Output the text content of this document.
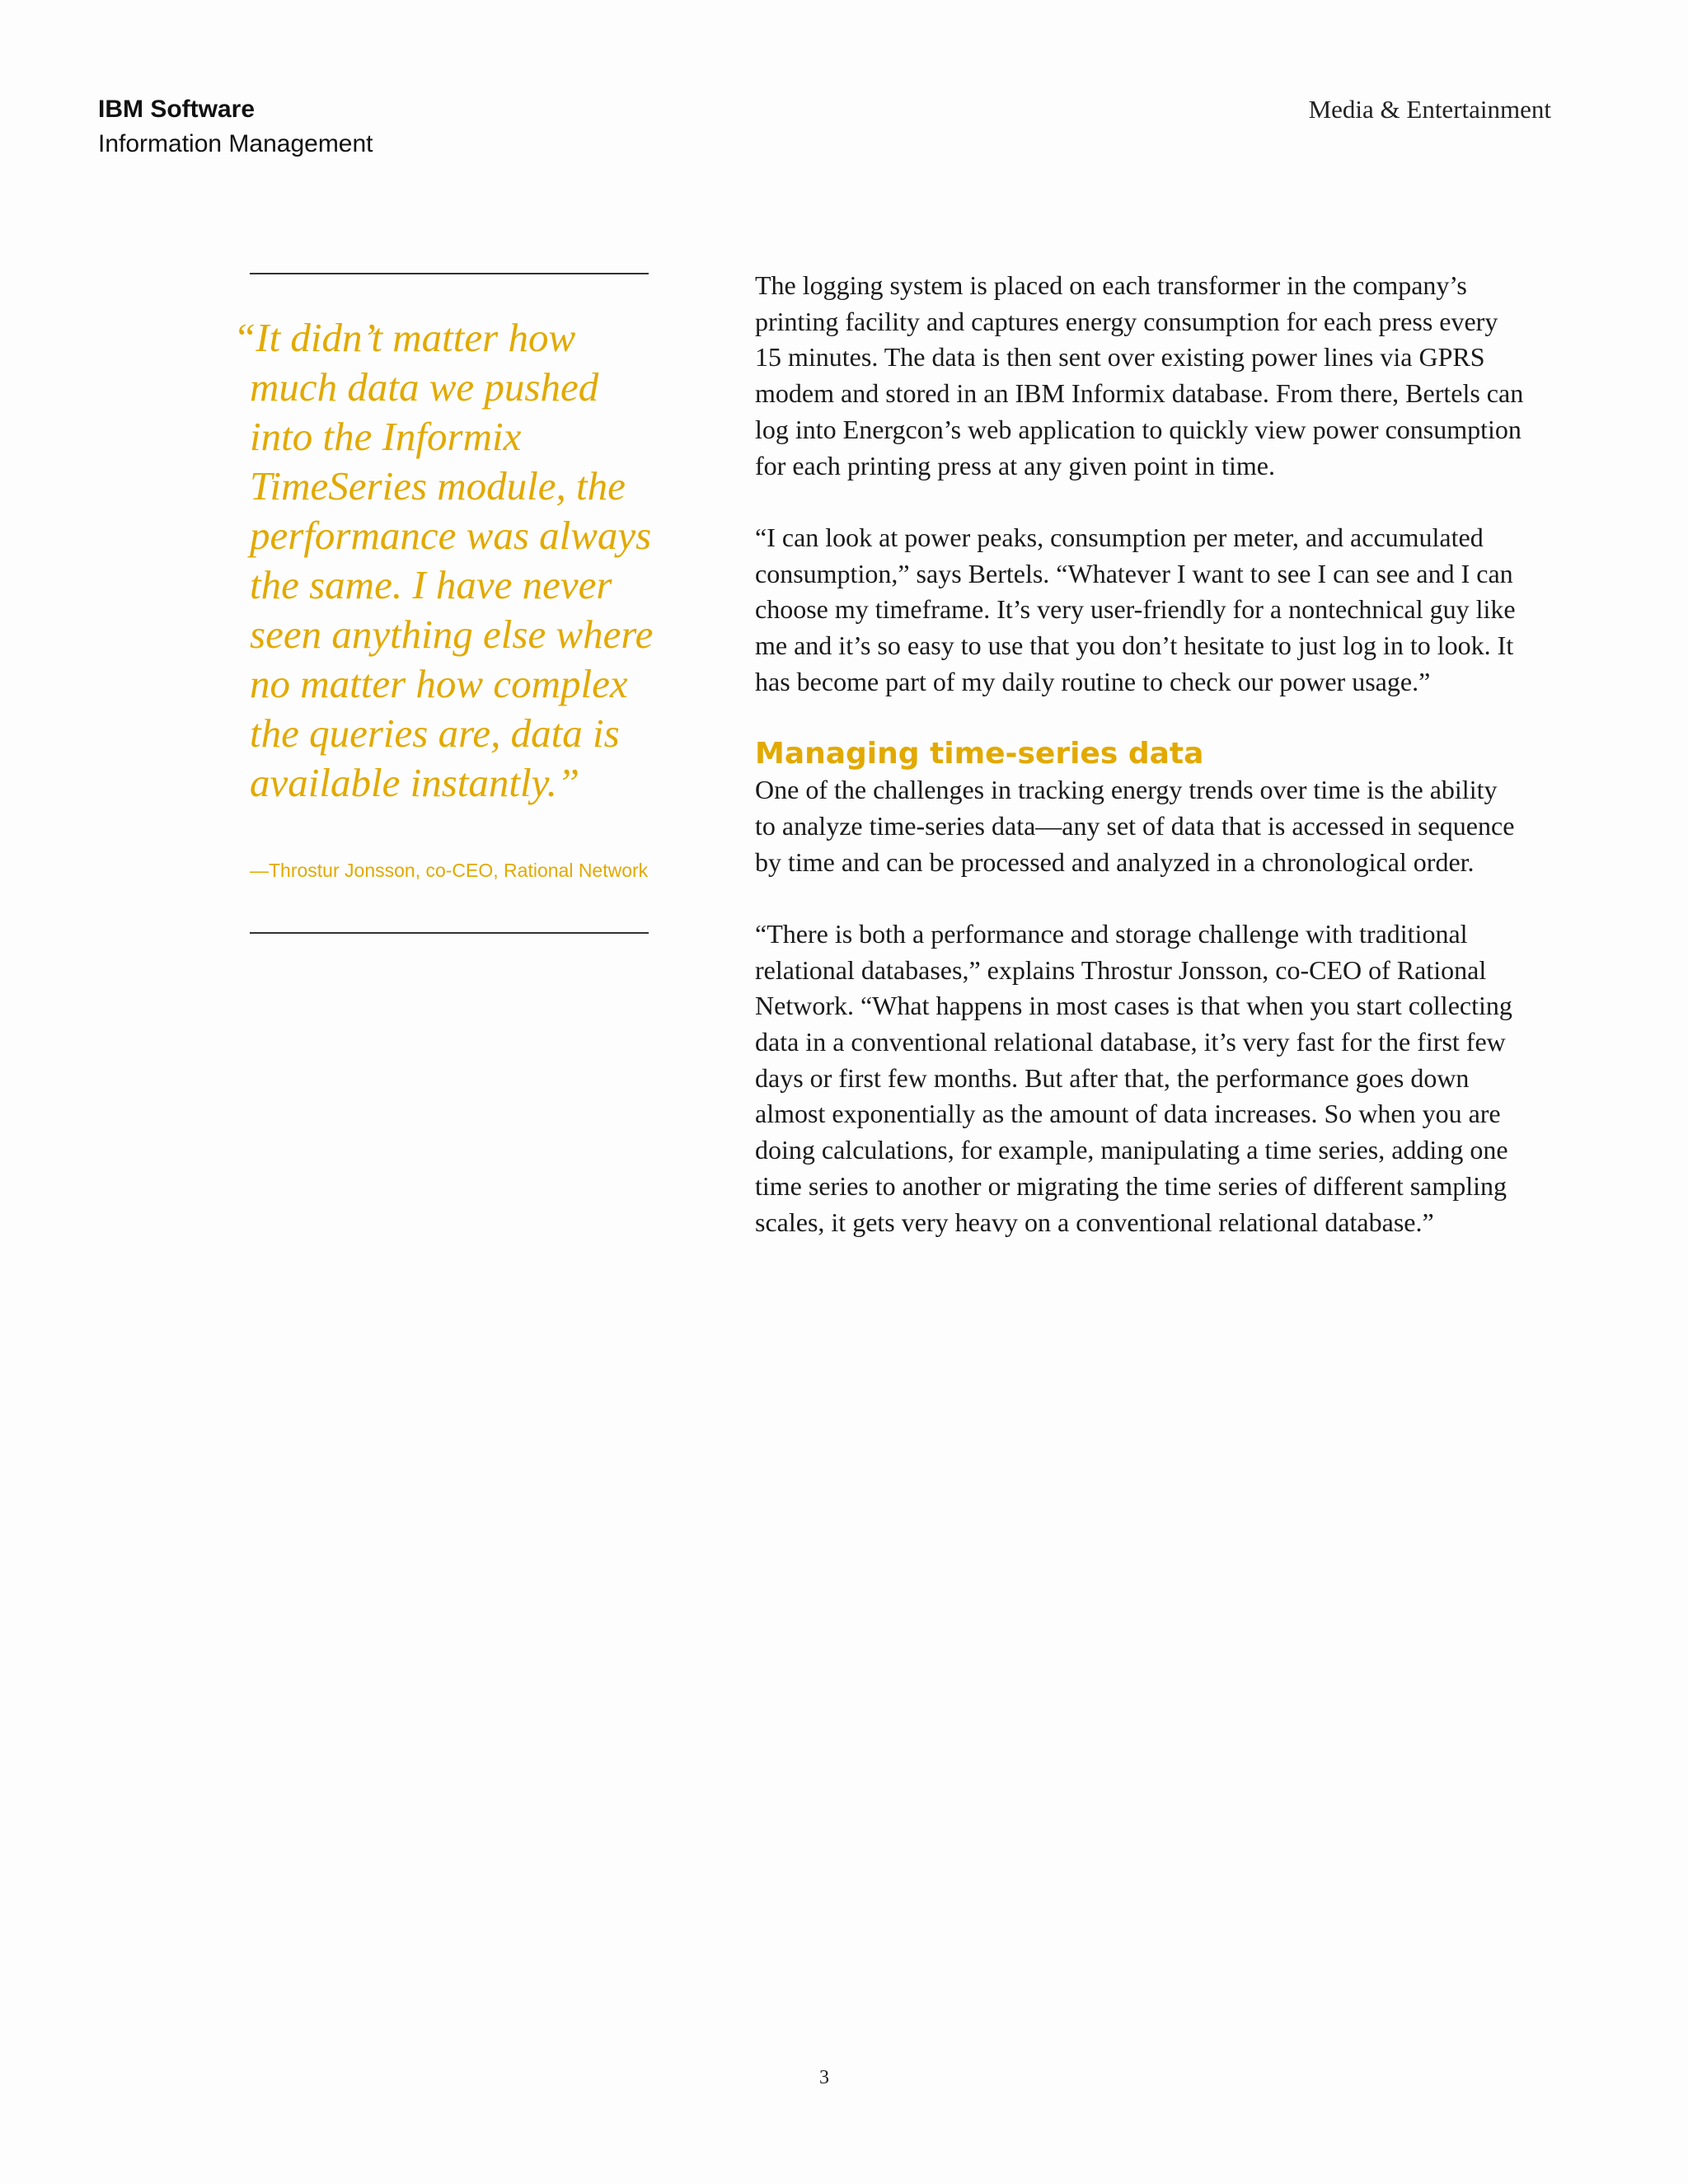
IBM Software
Information Management
Media & Entertainment
“It didn’t matter how
much data we pushed
into the Informix
TimeSeries module, the
performance was always
the same. I have never
seen anything else where
no matter how complex
the queries are, data is
available instantly.”
—Throstur Jonsson, co-CEO, Rational Network

The logging system is placed on each transformer in the company’s
printing facility and captures energy consumption for each press every
15 minutes. The data is then sent over existing power lines via GPRS
modem and stored in an IBM Informix database. From there, Bertels can
log into Energcon’s web application to quickly view power consumption
for each printing press at any given point in time.

“I can look at power peaks, consumption per meter, and accumulated
consumption,” says Bertels. “Whatever I want to see I can see and I can
choose my timeframe. It’s very user-friendly for a nontechnical guy like
me and it’s so easy to use that you don’t hesitate to just log in to look. It
has become part of my daily routine to check our power usage.”

Managing time-series data

One of the challenges in tracking energy trends over time is the ability
to analyze time-series data—any set of data that is accessed in sequence
by time and can be processed and analyzed in a chronological order.

“There is both a performance and storage challenge with traditional
relational databases,” explains Throstur Jonsson, co-CEO of Rational
Network. “What happens in most cases is that when you start collecting
data in a conventional relational database, it’s very fast for the first few
days or first few months. But after that, the performance goes down
almost exponentially as the amount of data increases. So when you are
doing calculations, for example, manipulating a time series, adding one
time series to another or migrating the time series of different sampling
scales, it gets very heavy on a conventional relational database.”

3
